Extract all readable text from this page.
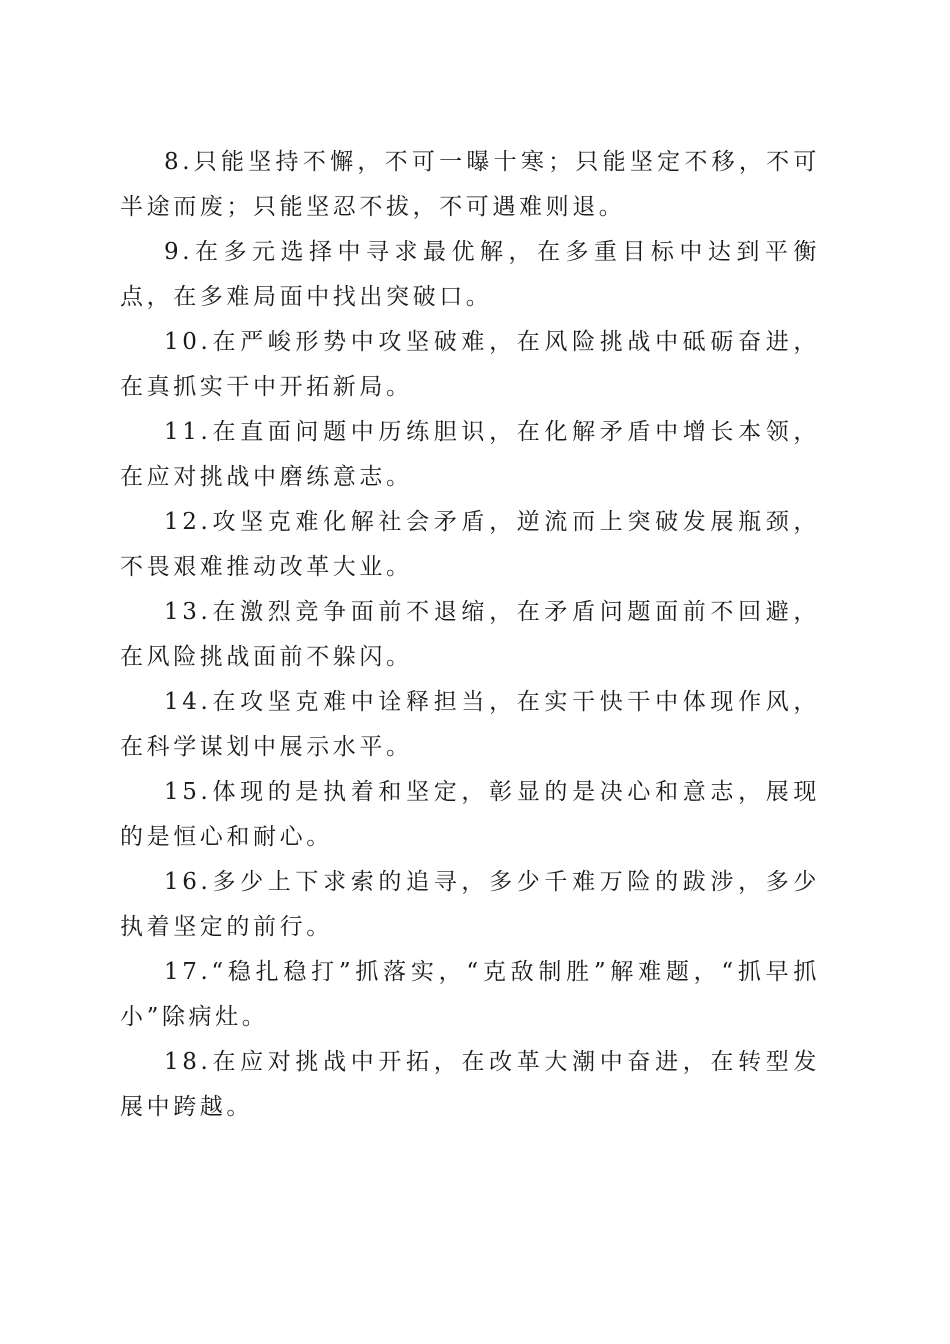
8.只能坚持不懈，不可一曝十寒；只能坚定不移，不可半途而废；只能坚忍不拔，不可遇难则退。

9.在多元选择中寻求最优解，在多重目标中达到平衡点，在多难局面中找出突破口。

10.在严峻形势中攻坚破难，在风险挑战中砥砺奋进，在真抓实干中开拓新局。

11.在直面问题中历练胆识，在化解矛盾中增长本领，在应对挑战中磨练意志。

12.攻坚克难化解社会矛盾，逆流而上突破发展瓶颈，不畏艰难推动改革大业。

13.在激烈竞争面前不退缩，在矛盾问题面前不回避，在风险挑战面前不躲闪。

14.在攻坚克难中诠释担当，在实干快干中体现作风，在科学谋划中展示水平。

15.体现的是执着和坚定，彰显的是决心和意志，展现的是恒心和耐心。

16.多少上下求索的追寻，多少千难万险的跋涉，多少执着坚定的前行。

17.“稳扎稳打”抓落实，“克敌制胜”解难题，“抓早抓小”除病灶。

18.在应对挑战中开拓，在改革大潮中奋进，在转型发展中跨越。
